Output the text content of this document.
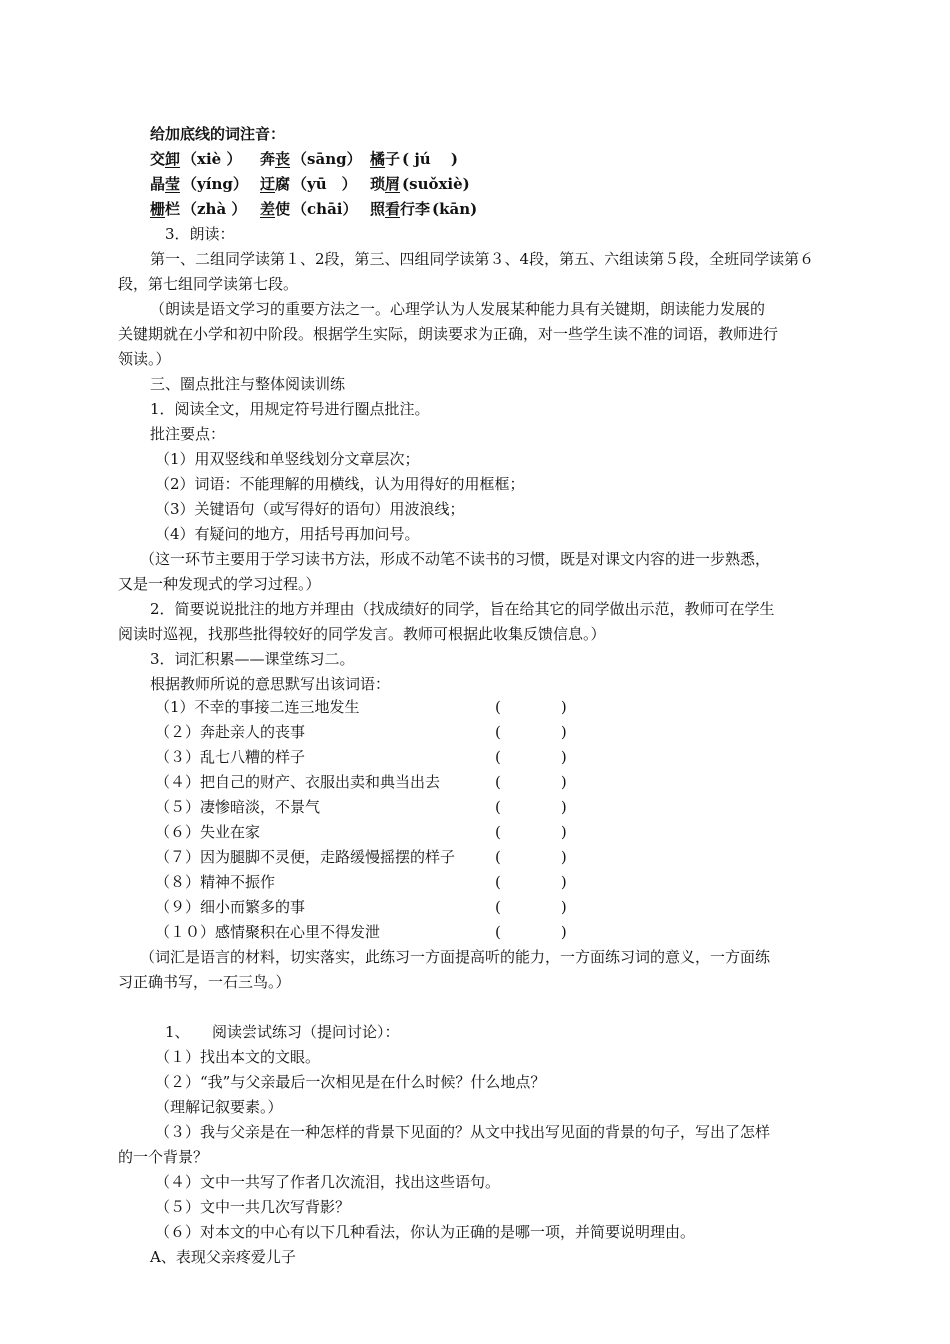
给加底线的词注音：
交卸 （xiè ）	奔丧 （sāng） 橘子 ( jú　 )
晶莹 （yíng） 迂腐 （yū　） 琐屑 (suǒxiè)
栅栏 （zhà ） 差使 （chāi） 照看行李 (kān)
3．朗读：
第一、二组同学读第１、2段，第三、四组同学读第３、4段，第五、六组读第５段，全班同学读第６
段，第七组同学读第七段。
（朗读是语文学习的重要方法之一。心理学认为人发展某种能力具有关键期，朗读能力发展的
关键期就在小学和初中阶段。根据学生实际，朗读要求为正确，对一些学生读不准的词语，教师进行
领读。）
三、圈点批注与整体阅读训练
1．阅读全文，用规定符号进行圈点批注。
批注要点：
（1）用双竖线和单竖线划分文章层次；
（2）词语：不能理解的用横线，认为用得好的用框框；
（3）关键语句（或写得好的语句）用波浪线；
（4）有疑问的地方，用括号再加问号。
（这一环节主要用于学习读书方法，形成不动笔不读书的习惯，既是对课文内容的进一步熟悉，
又是一种发现式的学习过程。）
2．简要说说批注的地方并理由（找成绩好的同学，旨在给其它的同学做出示范，教师可在学生
阅读时巡视，找那些批得较好的同学发言。教师可根据此收集反馈信息。）
3．词汇积累——课堂练习二。
根据教师所说的意思默写出该词语：
（1）不幸的事接二连三地发生	(　　　　)
（２）奔赴亲人的丧事	(　　　　)
（３）乱七八糟的样子	(　　　　)
（４）把自己的财产、衣服出卖和典当出去	(　　　　)
（５）凄惨暗淡，不景气	(　　　　)
（６）失业在家	(　　　　)
（７）因为腿脚不灵便，走路缓慢摇摆的样子	(　　　　)
（８）精神不振作	(　　　　)
（９）细小而繁多的事	(　　　　)
（１０）感情聚积在心里不得发泄	(　　　　)
（词汇是语言的材料，切实落实，此练习一方面提高听的能力，一方面练习词的意义，一方面练
习正确书写，一石三鸟。）
1、　　阅读尝试练习（提问讨论）：
（１）找出本文的文眼。
（２）“我”与父亲最后一次相见是在什么时候？什么地点？
（理解记叙要素。）
（３）我与父亲是在一种怎样的背景下见面的？从文中找出写见面的背景的句子，写出了怎样
的一个背景？
（４）文中一共写了作者几次流泪，找出这些语句。
（５）文中一共几次写背影？
（６）对本文的中心有以下几种看法，你认为正确的是哪一项，并简要说明理由。
A、表现父亲疼爱儿子
